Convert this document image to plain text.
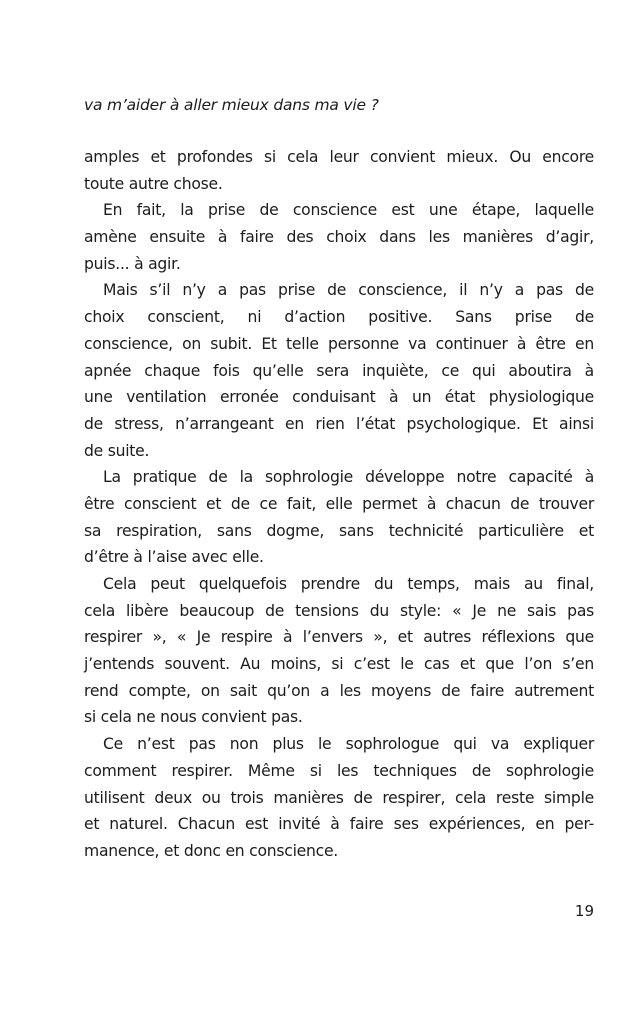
va m’aider à aller mieux dans ma vie ?
amples et profondes si cela leur convient mieux. Ou encore
toute autre chose.
En fait, la prise de conscience est une étape, laquelle
amène ensuite à faire des choix dans les manières d’agir,
puis... à agir.
Mais s’il n’y a pas prise de conscience, il n’y a pas de
choix conscient, ni d’action positive. Sans prise de
conscience, on subit. Et telle personne va continuer à être en
apnée chaque fois qu’elle sera inquiète, ce qui aboutira à
une ventilation erronée conduisant à un état physiologique
de stress, n’arrangeant en rien l’état psychologique. Et ainsi
de suite.
La pratique de la sophrologie développe notre capacité à
être conscient et de ce fait, elle permet à chacun de trouver
sa respiration, sans dogme, sans technicité particulière et
d’être à l’aise avec elle.
Cela peut quelquefois prendre du temps, mais au final,
cela libère beaucoup de tensions du style: « Je ne sais pas
respirer », « Je respire à l’envers », et autres réflexions que
j’entends souvent. Au moins, si c’est le cas et que l’on s’en
rend compte, on sait qu’on a les moyens de faire autrement
si cela ne nous convient pas.
Ce n’est pas non plus le sophrologue qui va expliquer
comment respirer. Même si les techniques de sophrologie
utilisent deux ou trois manières de respirer, cela reste simple
et naturel. Chacun est invité à faire ses expériences, en per-
manence, et donc en conscience.
19
